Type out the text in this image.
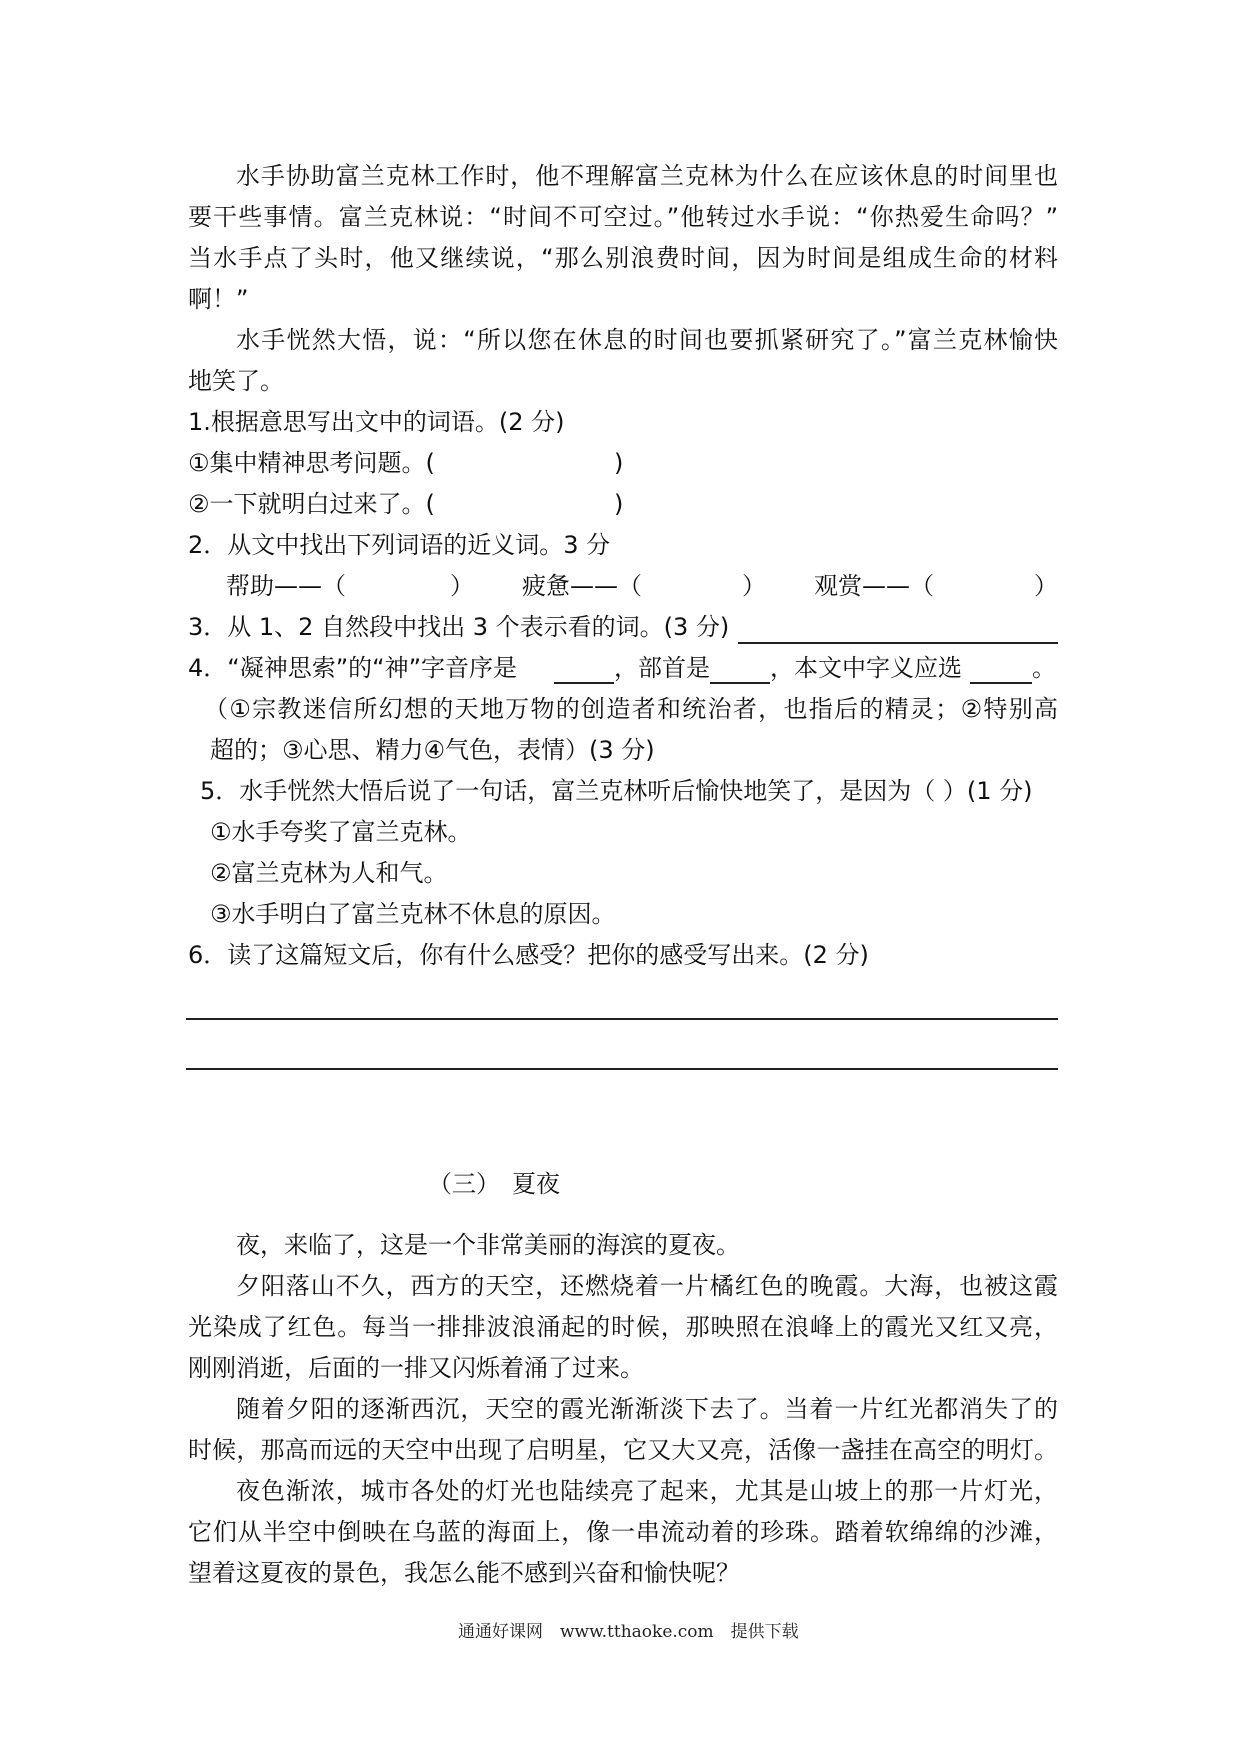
水手协助富兰克林工作时，他不理解富兰克林为什么在应该休息的时间里也
要干些事情。富兰克林说：“时间不可空过。”他转过水手说：“你热爱生命吗？”
当水手点了头时，他又继续说，“那么别浪费时间，因为时间是组成生命的材料
啊！”
水手恍然大悟，说：“所以您在休息的时间也要抓紧研究了。”富兰克林愉快
地笑了。
1.根据意思写出文中的词语。(2 分)
①集中精神思考问题。(	)
②一下就明白过来了。(	)
2．从文中找出下列词语的近义词。3 分
帮助——（	） 疲惫——（	） 观赏——（	）
3．从 1、2 自然段中找出 3 个表示看的词。(3 分)
4．“凝神思索”的“神”字音序是	，部首是	，本文中字义应选	。
（①宗教迷信所幻想的天地万物的创造者和统治者，也指后的精灵；②特别高
超的；③心思、精力④气色，表情）(3 分)
5．水手恍然大悟后说了一句话，富兰克林听后愉快地笑了，是因为（ ）(1 分)
①水手夸奖了富兰克林。
②富兰克林为人和气。
③水手明白了富兰克林不休息的原因。
6．读了这篇短文后，你有什么感受？把你的感受写出来。(2 分)
（三）　夏夜
夜，来临了，这是一个非常美丽的海滨的夏夜。
夕阳落山不久，西方的天空，还燃烧着一片橘红色的晚霞。大海，也被这霞
光染成了红色。每当一排排波浪涌起的时候，那映照在浪峰上的霞光又红又亮，
刚刚消逝，后面的一排又闪烁着涌了过来。
随着夕阳的逐渐西沉，天空的霞光渐渐淡下去了。当着一片红光都消失了的
时候，那高而远的天空中出现了启明星，它又大又亮，活像一盏挂在高空的明灯。
夜色渐浓，城市各处的灯光也陆续亮了起来，尤其是山坡上的那一片灯光，
它们从半空中倒映在乌蓝的海面上，像一串流动着的珍珠。踏着软绵绵的沙滩，
望着这夏夜的景色，我怎么能不感到兴奋和愉快呢？
通通好课网　www.tthaoke.com　提供下载
